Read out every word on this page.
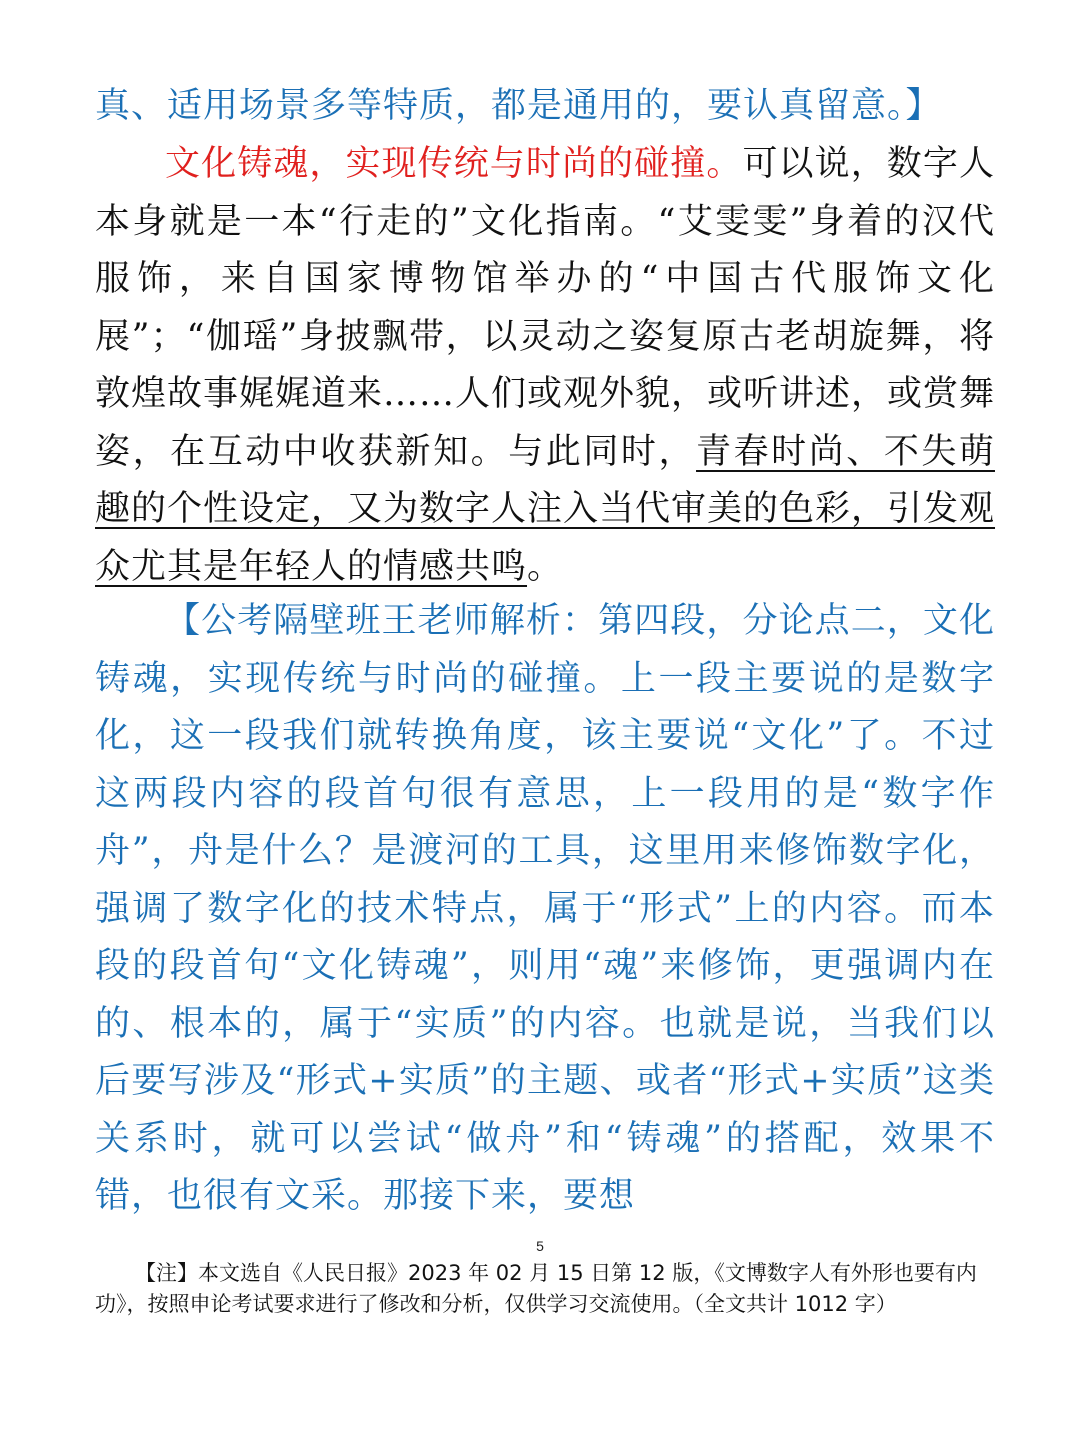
真、适用场景多等特质，都是通用的，要认真留意。】

文化铸魂，实现传统与时尚的碰撞。可以说，数字人本身就是一本“行走的”文化指南。“艾雯雯”身着的汉代服饰，来自国家博物馆举办的“中国古代服饰文化展”；“伽瑶”身披飘带，以灵动之姿复原古老胡旋舞，将敦煌故事娓娓道来……人们或观外貌，或听讲述，或赏舞姿，在互动中收获新知。与此同时，青春时尚、不失萌趣的个性设定，又为数字人注入当代审美的色彩，引发观众尤其是年轻人的情感共鸣。

【公考隔壁班王老师解析：第四段，分论点二，文化铸魂，实现传统与时尚的碰撞。上一段主要说的是数字化，这一段我们就转换角度，该主要说“文化”了。不过这两段内容的段首句很有意思，上一段用的是“数字作舟”，舟是什么？是渡河的工具，这里用来修饰数字化，强调了数字化的技术特点，属于“形式”上的内容。而本段的段首句“文化铸魂”，则用“魂”来修饰，更强调内在的、根本的，属于“实质”的内容。也就是说，当我们以后要写涉及“形式+实质”的主题、或者“形式+实质”这类关系时，就可以尝试“做舟”和“铸魂”的搭配，效果不错，也很有文采。那接下来，要想

5

【注】本文选自《人民日报》2023 年 02 月 15 日第 12 版，《文博数字人有外形也要有内功》，按照申论考试要求进行了修改和分析，仅供学习交流使用。（全文共计 1012 字）
